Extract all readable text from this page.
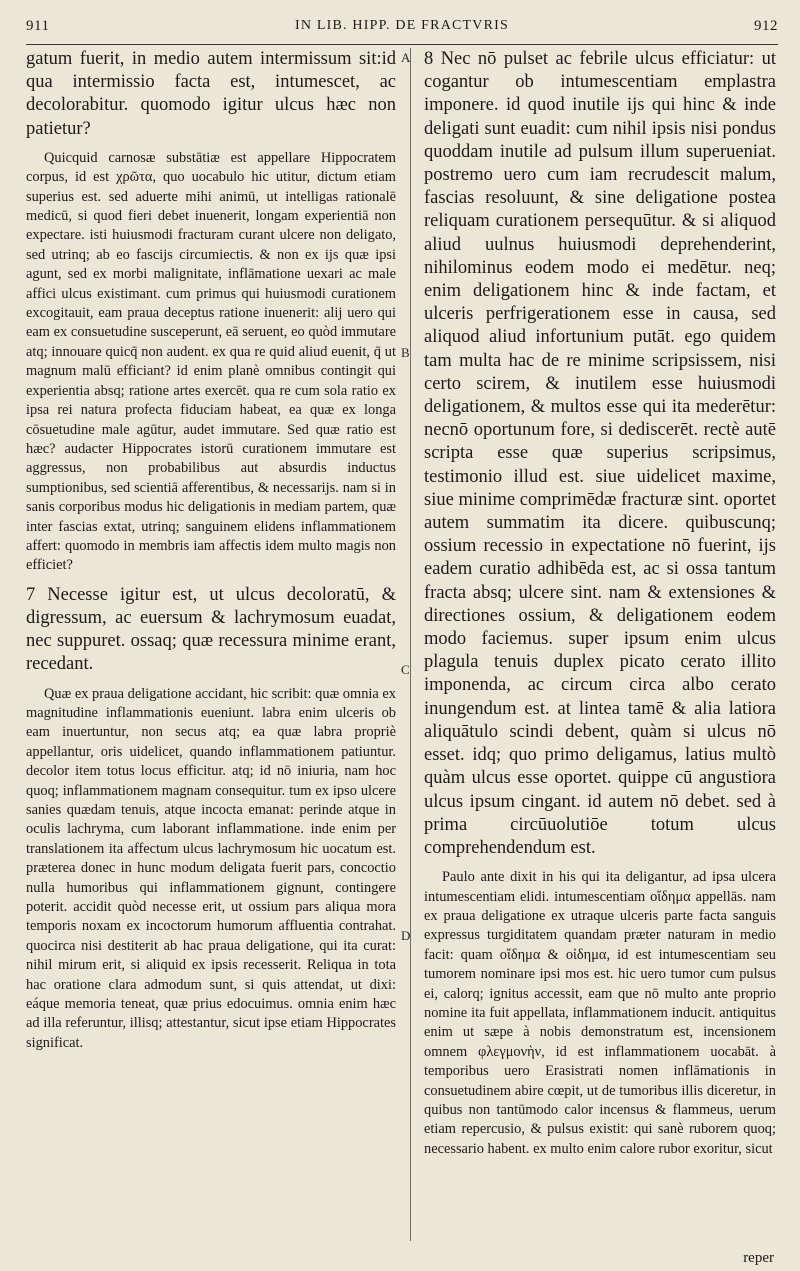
911	IN LIB. HIPP. DE FRACTVRIS	912
A
B
C
D

gatum fuerit, in medio autem intermissum sit:id qua intermissio facta est, intumescet, ac decolorabitur. quomodo igitur ulcus hæc non patietur?

Quicquid carnosæ substātiæ est appellare Hippocratem corpus, id est χρῶτα, quo uocabulo hic utitur, dictum etiam superius est. sed aduerte mihi animū, ut intelligas rationalē medicū, si quod fieri debet inuenerit, longam experientiā non expectare. isti huiusmodi fracturam curant ulcere non deligato, sed utrinq; ab eo fascijs circumiectis. & non ex ijs quæ ipsi agunt, sed ex morbi malignitate, inflāmatione uexari ac male affici ulcus existimant. cum primus qui huiusmodi curationem excogitauit, eam praua deceptus ratione inuenerit: alij uero qui eam ex consuetudine susceperunt, eā seruent, eo quòd immutare atq; innouare quicq̄ non audent. ex qua re quid aliud euenit, q̄ ut magnum malū efficiant? id enim planè omnibus contingit qui experientia absq; ratione artes exercēt. qua re cum sola ratio ex ipsa rei natura profecta fiduciam habeat, ea quæ ex longa cōsuetudine male agūtur, audet immutare. Sed quæ ratio est hæc? audacter Hippocrates istorū curationem immutare est aggressus, non probabilibus aut absurdis inductus sumptionibus, sed scientiā afferentibus, & necessarijs. nam si in sanis corporibus modus hic deligationis in mediam partem, quæ inter fascias extat, utrinq; sanguinem elidens inflammationem affert: quomodo in membris iam affectis idem multo magis non efficiet?

7 Necesse igitur est, ut ulcus decoloratū, & digressum, ac euersum & lachrymosum euadat, nec suppuret. ossaq; quæ recessura minime erant, recedant.

Quæ ex praua deligatione accidant, hic scribit: quæ omnia ex magnitudine inflammationis eueniunt. labra enim ulceris ob eam inuertuntur, non secus atq; ea quæ labra propriè appellantur, oris uidelicet, quando inflammationem patiuntur. decolor item totus locus efficitur. atq; id nō iniuria, nam hoc quoq; inflammationem magnam consequitur. tum ex ipso ulcere sanies quædam tenuis, atque incocta emanat: perinde atque in oculis lachryma, cum laborant inflammatione. inde enim per translationem ita affectum ulcus lachrymosum hic uocatum est. præterea donec in hunc modum deligata fuerit pars, concoctio nulla humoribus qui inflammationem gignunt, contingere poterit. accidit quòd necesse erit, ut ossium pars aliqua mora temporis noxam ex incoctorum humorum affluentia contrahat. quocirca nisi destiterit ab hac praua deligatione, qui ita curat: nihil mirum erit, si aliquid ex ipsis recesserit. Reliqua in tota hac oratione clara admodum sunt, si quis attendat, ut dixi: eáque memoria teneat, quæ prius edocuimus. omnia enim hæc ad illa referuntur, illisq; attestantur, sicut ipse etiam Hippocrates significat.

8 Nec nō pulset ac febrile ulcus efficiatur: ut cogantur ob intumescentiam emplastra imponere. id quod inutile ijs qui hinc & inde deligati sunt euadit: cum nihil ipsis nisi pondus quoddam inutile ad pulsum illum superueniat. postremo uero cum iam recrudescit malum, fascias resoluunt, & sine deligatione postea reliquam curationem persequūtur. & si aliquod aliud uulnus huiusmodi deprehenderint, nihilominus eodem modo ei medētur. neq; enim deligationem hinc & inde factam, et ulceris perfrigerationem esse in causa, sed aliquod aliud infortunium putāt. ego quidem tam multa hac de re minime scripsissem, nisi certo scirem, & inutilem esse huiusmodi deligationem, & multos esse qui ita mederētur: necnō oportunum fore, si dediscerēt. rectè autē scripta esse quæ superius scripsimus, testimonio illud est. siue uidelicet maxime, siue minime comprimēdæ fracturæ sint. oportet autem summatim ita dicere. quibuscunq; ossium recessio in expectatione nō fuerint, ijs eadem curatio adhibēda est, ac si ossa tantum fracta absq; ulcere sint. nam & extensiones & directiones ossium, & deligationem eodem modo faciemus. super ipsum enim ulcus plagula tenuis duplex picato cerato illito imponenda, ac circum circa albo cerato inungendum est. at lintea tamē & alia latiora aliquātulo scindi debent, quàm si ulcus nō esset. idq; quo primo deligamus, latius multò quàm ulcus esse oportet. quippe cū angustiora ulcus ipsum cingant. id autem nō debet. sed à prima circūuolutiōe totum ulcus comprehendendum est.

Paulo ante dixit in his qui ita deligantur, ad ipsa ulcera intumescentiam elidi. intumescentiam οἴδημα appellās. nam ex praua deligatione ex utraque ulceris parte facta sanguis expressus turgiditatem quandam præter naturam in medio facit: quam οἴδημα & οἰδημα, id est intumescentiam seu tumorem nominare ipsi mos est. hic uero tumor cum pulsus ei, calorq; ignitus accessit, eam que nō multo ante proprio nomine ita fuit appellata, inflammationem inducit. antiquitus enim ut sæpe à nobis demonstratum est, incensionem omnem φλεγμονὴν, id est inflammationem uocabāt. à temporibus uero Erasistrati nomen inflāmationis in consuetudinem abire cœpit, ut de tumoribus illis diceretur, in quibus non tantūmodo calor incensus & flammeus, uerum etiam repercusio, & pulsus existit: qui sanè ruborem quoq; necessario habent. ex multo enim calore rubor exoritur, sicut

reper
